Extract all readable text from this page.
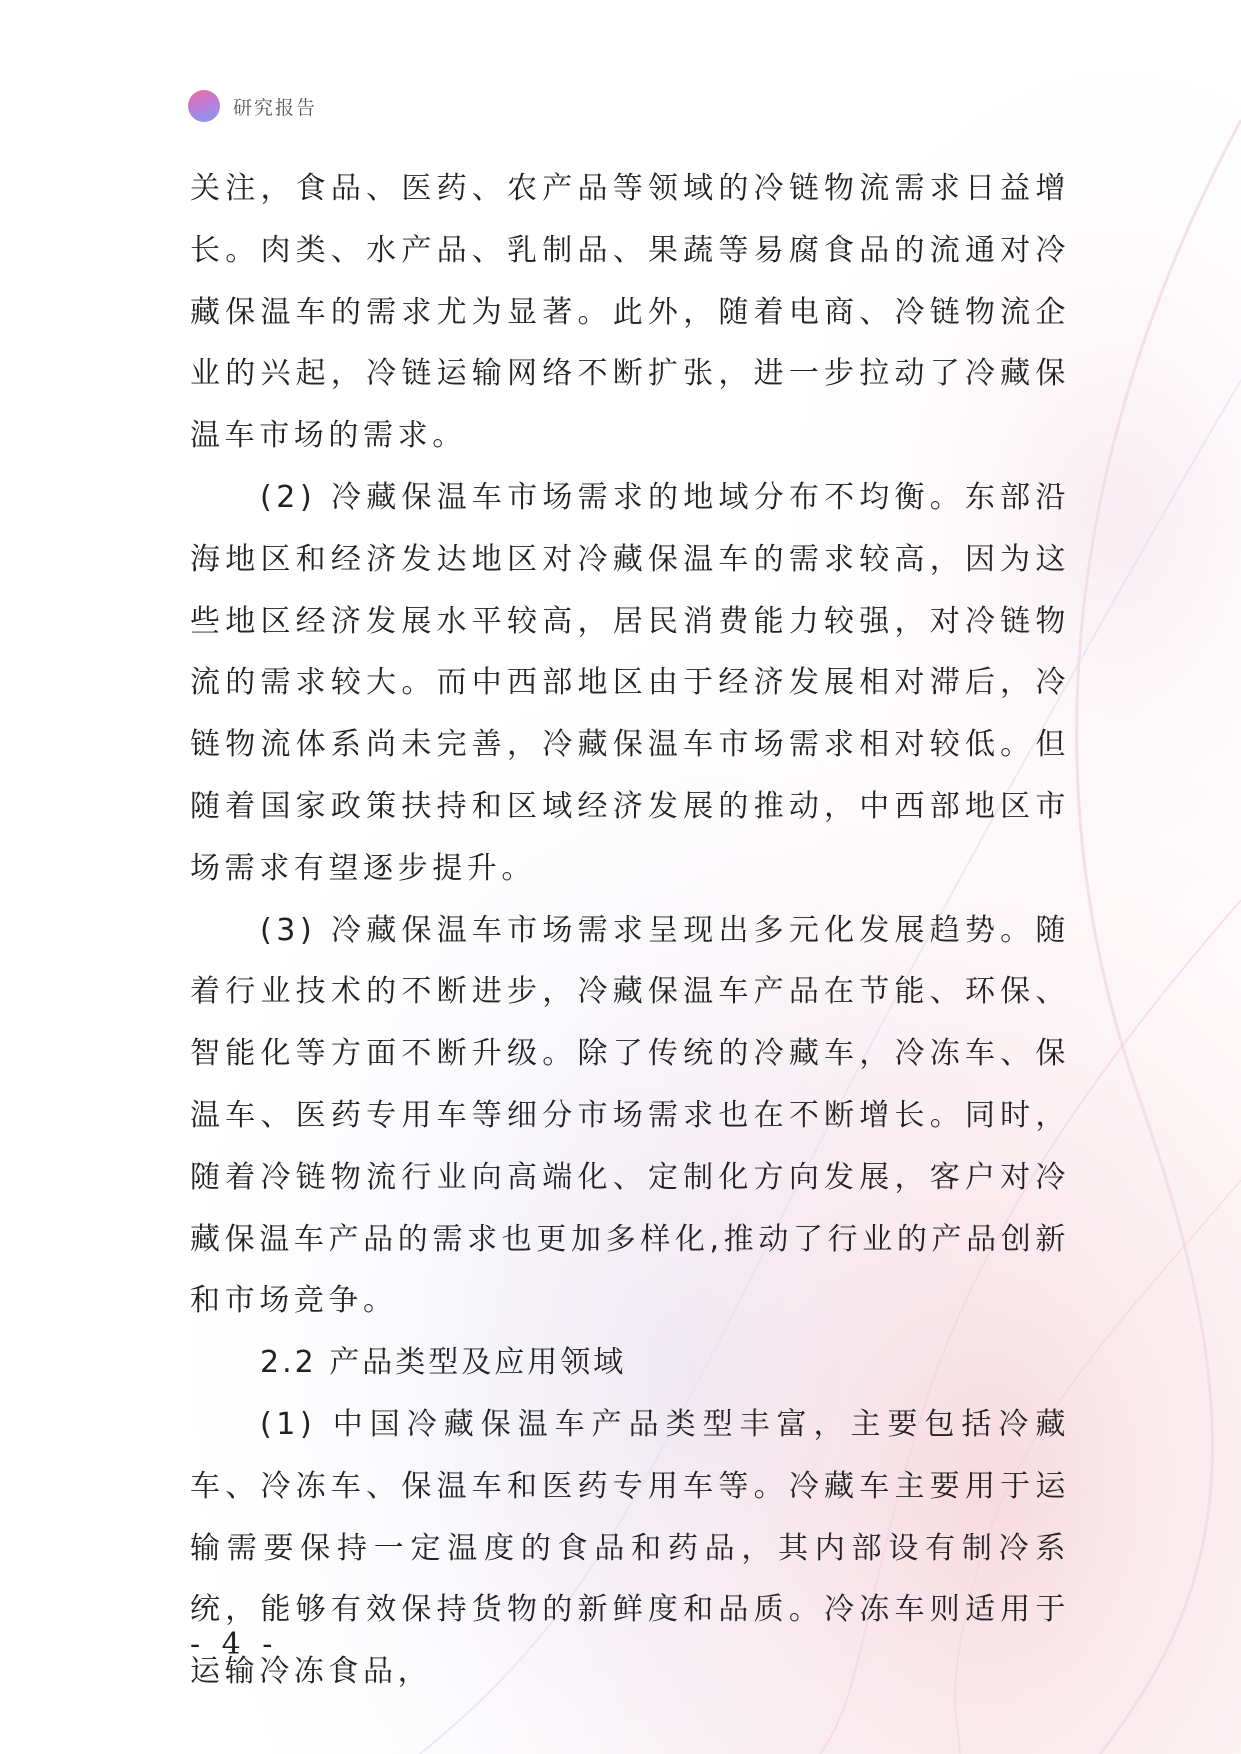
研究报告

关注，食品、医药、农产品等领域的冷链物流需求日益增长。肉类、水产品、乳制品、果蔬等易腐食品的流通对冷藏保温车的需求尤为显著。此外，随着电商、冷链物流企业的兴起，冷链运输网络不断扩张，进一步拉动了冷藏保温车市场的需求。

(2) 冷藏保温车市场需求的地域分布不均衡。东部沿海地区和经济发达地区对冷藏保温车的需求较高，因为这些地区经济发展水平较高，居民消费能力较强，对冷链物流的需求较大。而中西部地区由于经济发展相对滞后，冷链物流体系尚未完善，冷藏保温车市场需求相对较低。但随着国家政策扶持和区域经济发展的推动，中西部地区市场需求有望逐步提升。

(3) 冷藏保温车市场需求呈现出多元化发展趋势。随着行业技术的不断进步，冷藏保温车产品在节能、环保、智能化等方面不断升级。除了传统的冷藏车，冷冻车、保温车、医药专用车等细分市场需求也在不断增长。同时，随着冷链物流行业向高端化、定制化方向发展，客户对冷藏保温车产品的需求也更加多样化,推动了行业的产品创新和市场竞争。

2.2 产品类型及应用领域

(1) 中国冷藏保温车产品类型丰富，主要包括冷藏车、冷冻车、保温车和医药专用车等。冷藏车主要用于运输需要保持一定温度的食品和药品，其内部设有制冷系统，能够有效保持货物的新鲜度和品质。冷冻车则适用于运输冷冻食品，

- 4 -
